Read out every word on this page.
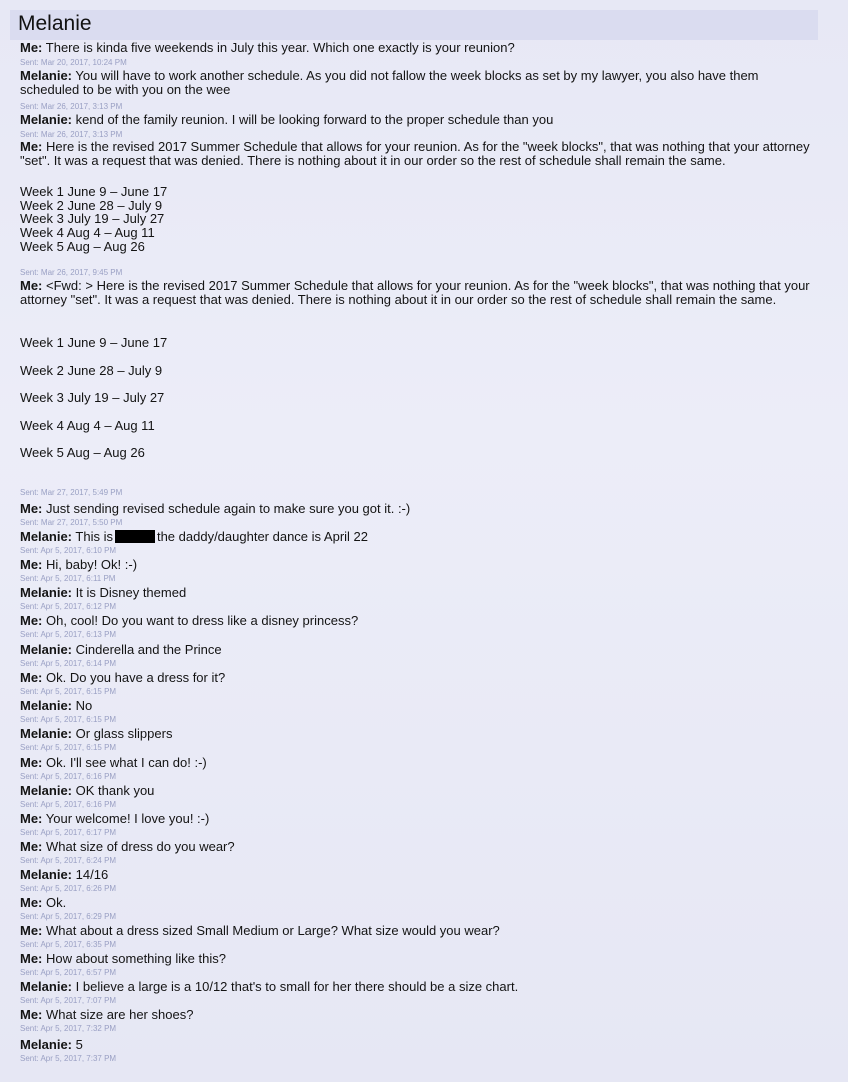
Melanie
Me: There is kinda five weekends in July this year. Which one exactly is your reunion?
Sent: Mar 20, 2017, 10:24 PM
Melanie: You will have to work another schedule. As you did not fallow the week blocks as set by my lawyer, you also have them scheduled to be with you on the wee
Sent: Mar 26, 2017, 3:13 PM
Melanie: kend of the family reunion. I will be looking forward to the proper schedule than you
Sent: Mar 26, 2017, 3:13 PM
Me: Here is the revised 2017 Summer Schedule that allows for your reunion. As for the "week blocks", that was nothing that your attorney "set". It was a request that was denied. There is nothing about it in our order so the rest of schedule shall remain the same.
Week 1 June 9 – June 17
Week 2 June 28 – July 9
Week 3 July 19 – July 27
Week 4 Aug 4 – Aug 11
Week 5 Aug – Aug 26
Sent: Mar 26, 2017, 9:45 PM
Me: <Fwd: > Here is the revised 2017 Summer Schedule that allows for your reunion. As for the "week blocks", that was nothing that your attorney "set". It was a request that was denied. There is nothing about it in our order so the rest of schedule shall remain the same.
Week 1 June 9 – June 17
Week 2 June 28 – July 9
Week 3 July 19 – July 27
Week 4 Aug 4 – Aug 11
Week 5 Aug – Aug 26
Sent: Mar 27, 2017, 5:49 PM
Me: Just sending revised schedule again to make sure you got it. :-)
Sent: Mar 27, 2017, 5:50 PM
Melanie: This is	the daddy/daughter dance is April 22
Sent: Apr 5, 2017, 6:10 PM
Me: Hi, baby! Ok! :-)
Sent: Apr 5, 2017, 6:11 PM
Melanie: It is Disney themed
Sent: Apr 5, 2017, 6:12 PM
Me: Oh, cool! Do you want to dress like a disney princess?
Sent: Apr 5, 2017, 6:13 PM
Melanie: Cinderella and the Prince
Sent: Apr 5, 2017, 6:14 PM
Me: Ok. Do you have a dress for it?
Sent: Apr 5, 2017, 6:15 PM
Melanie: No
Sent: Apr 5, 2017, 6:15 PM
Melanie: Or glass slippers
Sent: Apr 5, 2017, 6:15 PM
Me: Ok. I'll see what I can do! :-)
Sent: Apr 5, 2017, 6:16 PM
Melanie: OK thank you
Sent: Apr 5, 2017, 6:16 PM
Me: Your welcome! I love you! :-)
Sent: Apr 5, 2017, 6:17 PM
Me: What size of dress do you wear?
Sent: Apr 5, 2017, 6:24 PM
Melanie: 14/16
Sent: Apr 5, 2017, 6:26 PM
Me: Ok.
Sent: Apr 5, 2017, 6:29 PM
Me: What about a dress sized Small Medium or Large? What size would you wear?
Sent: Apr 5, 2017, 6:35 PM
Me: How about something like this?
Sent: Apr 5, 2017, 6:57 PM
Melanie: I believe a large is a 10/12 that's to small for her there should be a size chart.
Sent: Apr 5, 2017, 7:07 PM
Me: What size are her shoes?
Sent: Apr 5, 2017, 7:32 PM
Melanie: 5
Sent: Apr 5, 2017, 7:37 PM
